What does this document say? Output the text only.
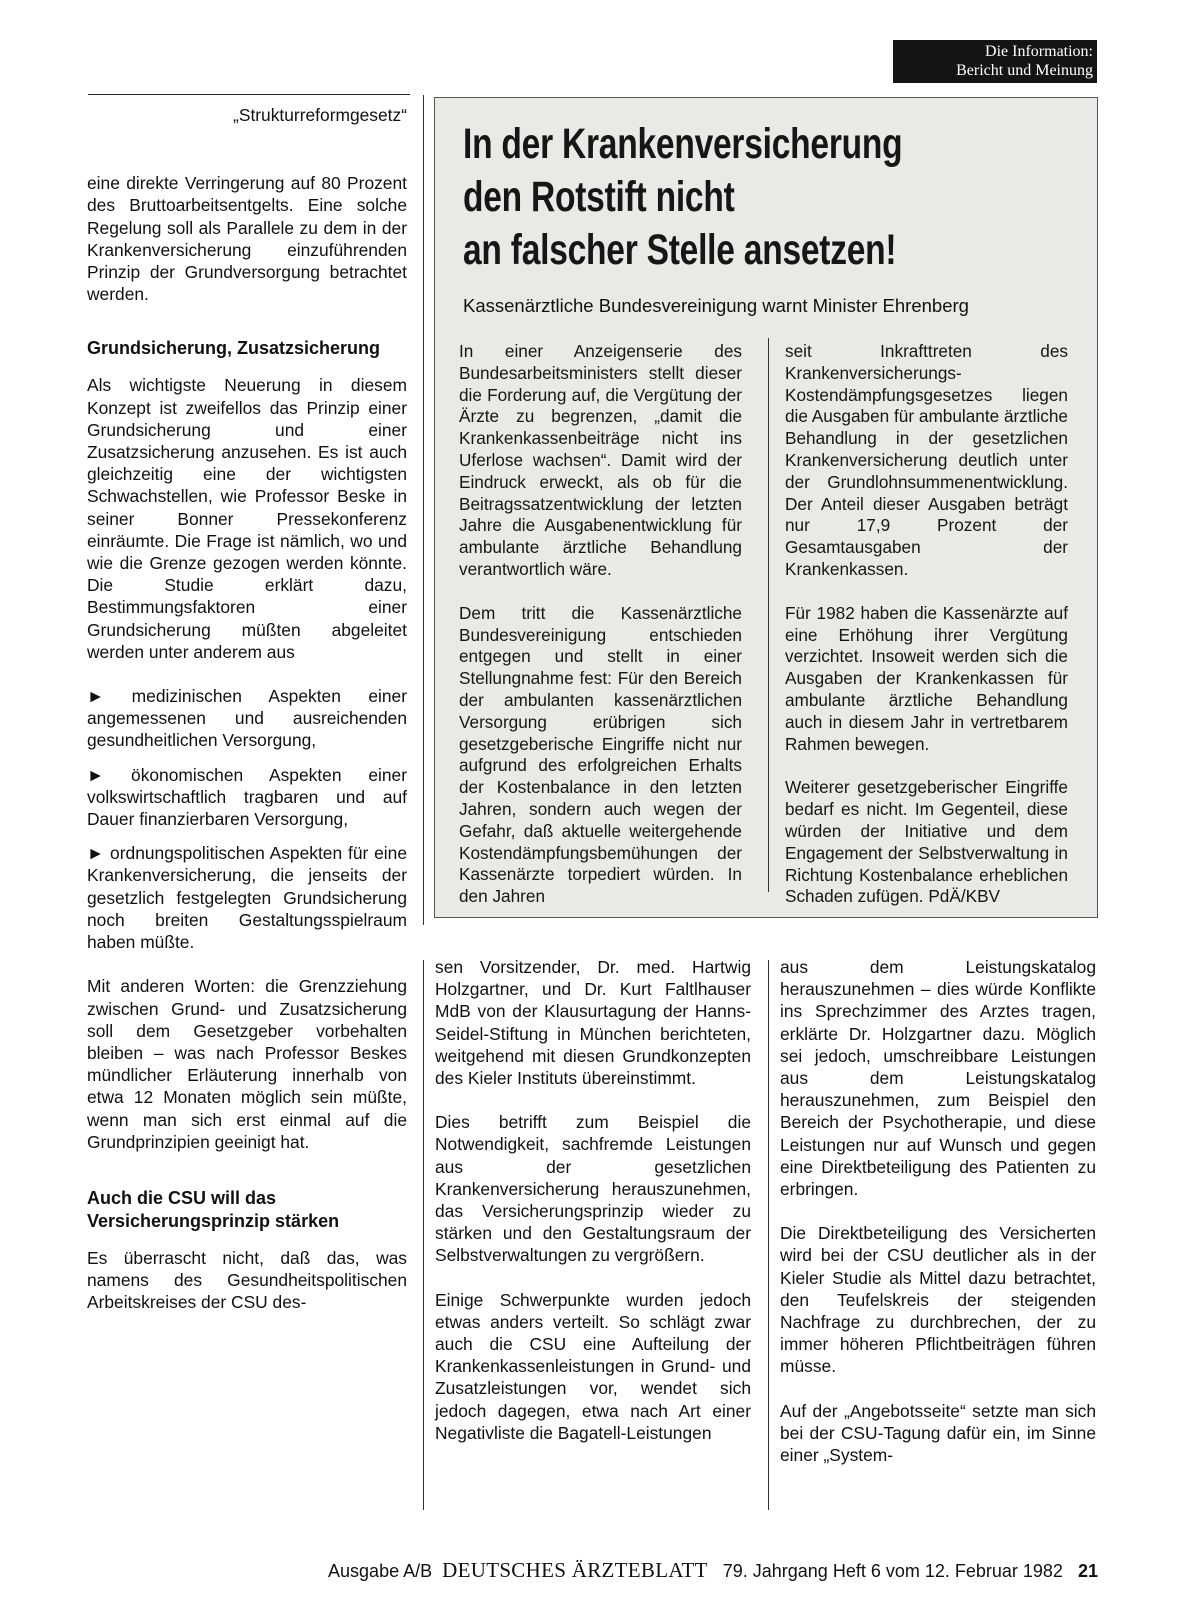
Die Information:
Bericht und Meinung

„Strukturreformgesetz“

eine direkte Verringerung auf 80 Prozent des Bruttoarbeitsentgelts. Eine solche Regelung soll als Parallele zu dem in der Krankenversicherung einzuführenden Prinzip der Grundversorgung betrachtet werden.

Grundsicherung, Zusatzsicherung

Als wichtigste Neuerung in diesem Konzept ist zweifellos das Prinzip einer Grundsicherung und einer Zusatzsicherung anzusehen. Es ist auch gleichzeitig eine der wichtigsten Schwachstellen, wie Professor Beske in seiner Bonner Pressekonferenz einräumte. Die Frage ist nämlich, wo und wie die Grenze gezogen werden könnte. Die Studie erklärt dazu, Bestimmungsfaktoren einer Grundsicherung müßten abgeleitet werden unter anderem aus

► medizinischen Aspekten einer angemessenen und ausreichenden gesundheitlichen Versorgung,

► ökonomischen Aspekten einer volkswirtschaftlich tragbaren und auf Dauer finanzierbaren Versorgung,

► ordnungspolitischen Aspekten für eine Krankenversicherung, die jenseits der gesetzlich festgelegten Grundsicherung noch breiten Gestaltungsspielraum haben müßte.

Mit anderen Worten: die Grenzziehung zwischen Grund- und Zusatzsicherung soll dem Gesetzgeber vorbehalten bleiben – was nach Professor Beskes mündlicher Erläuterung innerhalb von etwa 12 Monaten möglich sein müßte, wenn man sich erst einmal auf die Grundprinzipien geeinigt hat.

Auch die CSU will das Versicherungsprinzip stärken

Es überrascht nicht, daß das, was namens des Gesundheitspolitischen Arbeitskreises der CSU des-

In der Krankenversicherung
den Rotstift nicht
an falscher Stelle ansetzen!
Kassenärztliche Bundesvereinigung warnt Minister Ehrenberg

In einer Anzeigenserie des Bundesarbeitsministers stellt dieser die Forderung auf, die Vergütung der Ärzte zu begrenzen, „damit die Krankenkassenbeiträge nicht ins Uferlose wachsen“. Damit wird der Eindruck erweckt, als ob für die Beitragssatzentwicklung der letzten Jahre die Ausgabenentwicklung für ambulante ärztliche Behandlung verantwortlich wäre.

Dem tritt die Kassenärztliche Bundesvereinigung entschieden entgegen und stellt in einer Stellungnahme fest: Für den Bereich der ambulanten kassenärztlichen Versorgung erübrigen sich gesetzgeberische Eingriffe nicht nur aufgrund des erfolgreichen Erhalts der Kostenbalance in den letzten Jahren, sondern auch wegen der Gefahr, daß aktuelle weitergehende Kostendämpfungsbemühungen der Kassenärzte torpediert würden. In den Jahren

seit Inkrafttreten des Krankenversicherungs-Kostendämpfungsgesetzes liegen die Ausgaben für ambulante ärztliche Behandlung in der gesetzlichen Krankenversicherung deutlich unter der Grundlohnsummenentwicklung. Der Anteil dieser Ausgaben beträgt nur 17,9 Prozent der Gesamtausgaben der Krankenkassen.

Für 1982 haben die Kassenärzte auf eine Erhöhung ihrer Vergütung verzichtet. Insoweit werden sich die Ausgaben der Krankenkassen für ambulante ärztliche Behandlung auch in diesem Jahr in vertretbarem Rahmen bewegen.

Weiterer gesetzgeberischer Eingriffe bedarf es nicht. Im Gegenteil, diese würden der Initiative und dem Engagement der Selbstverwaltung in Richtung Kostenbalance erheblichen Schaden zufügen. PdÄ/KBV

sen Vorsitzender, Dr. med. Hartwig Holzgartner, und Dr. Kurt Faltlhauser MdB von der Klausurtagung der Hanns-Seidel-Stiftung in München berichteten, weitgehend mit diesen Grundkonzepten des Kieler Instituts übereinstimmt.

Dies betrifft zum Beispiel die Notwendigkeit, sachfremde Leistungen aus der gesetzlichen Krankenversicherung herauszunehmen, das Versicherungsprinzip wieder zu stärken und den Gestaltungsraum der Selbstverwaltungen zu vergrößern.

Einige Schwerpunkte wurden jedoch etwas anders verteilt. So schlägt zwar auch die CSU eine Aufteilung der Krankenkassenleistungen in Grund- und Zusatzleistungen vor, wendet sich jedoch dagegen, etwa nach Art einer Negativliste die Bagatell-Leistungen

aus dem Leistungskatalog herauszunehmen – dies würde Konflikte ins Sprechzimmer des Arztes tragen, erklärte Dr. Holzgartner dazu. Möglich sei jedoch, umschreibbare Leistungen aus dem Leistungskatalog herauszunehmen, zum Beispiel den Bereich der Psychotherapie, und diese Leistungen nur auf Wunsch und gegen eine Direktbeteiligung des Patienten zu erbringen.

Die Direktbeteiligung des Versicherten wird bei der CSU deutlicher als in der Kieler Studie als Mittel dazu betrachtet, den Teufelskreis der steigenden Nachfrage zu durchbrechen, der zu immer höheren Pflichtbeiträgen führen müsse.

Auf der „Angebotsseite“ setzte man sich bei der CSU-Tagung dafür ein, im Sinne einer „System-

Ausgabe A/B DEUTSCHES ÄRZTEBLATT 79. Jahrgang Heft 6 vom 12. Februar 1982 21
